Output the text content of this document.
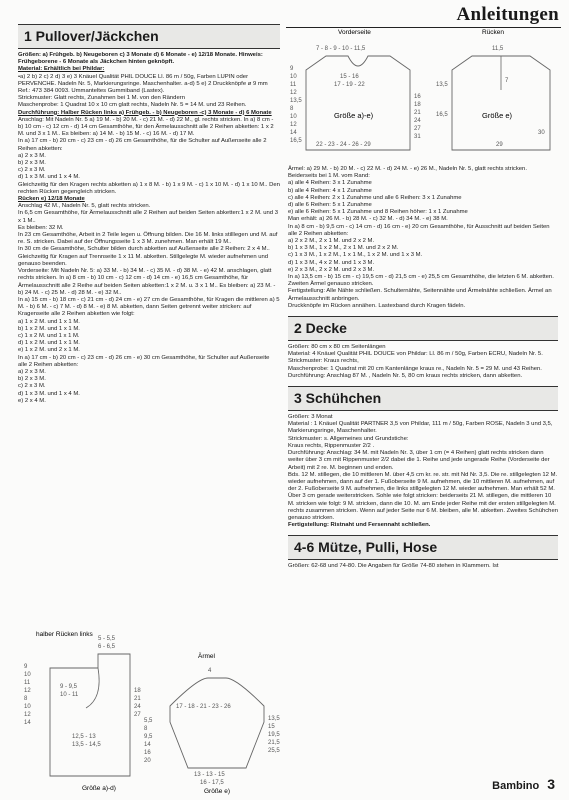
Anleitungen
1 Pullover/Jäckchen
Größen: a) Frühgeb. b) Neugeboren c) 3 Monate d) 6 Monate - e) 12/18 Monate. Hinweis: Frühgeborene - 6 Monate als Jäckchen hinten geknöpft.
Material: Erhältlich bei Phildar:
•a) 2 b) 2 c) 2 d) 3 e) 3 Knäuel Qualität PHIL DOUCE Ll. 86 m / 50g, Farben LUPIN oder PERVENCHE. Nadeln Nr. 5, Markierungsringe. Maschenhalter. a-d) 5 e) 2 Druckknöpfe ø 9 mm Ref.: 473 384 0093. Ummanteltes Gummiband (Lastex).
Strickmuster: Glatt rechts, Zunahmen bei 1 M. von den Rändern
Maschenprobe: 1 Quadrat 10 x 10 cm glatt rechts, Nadeln Nr. 5 = 14 M. und 23 Reihen.
Durchführung: Halber Rücken links a) Frühgeb. - b) Neugeboren -c) 3 Monate - d) 6 Monate
Anschlag: Mit Nadeln Nr. 5 a) 19 M. - b) 20 M. - c) 21 M. - d) 22 M., gl. rechts stricken. In a) 8 cm - b) 10 cm - c) 12 cm - d) 14 cm Gesamthöhe, für den Ärmelausschnitt alle 2 Reihen abketten: 1 x 2 M. und 3 x 1 M.. Es bleiben: a) 14 M. - b) 15 M. - c) 16 M. - d) 17 M.
In a) 17 cm - b) 20 cm - c) 23 cm - d) 26 cm Gesamthöhe, für die Schulter auf Außenseite alle 2 Reihen abketten:
a) 2 x 3 M.
b) 2 x 3 M.
c) 2 x 3 M.
d) 1 x 3 M. und 1 x 4 M.
Gleichzeitig für den Kragen rechts abketten a) 1 x 8 M. - b) 1 x 9 M. - c) 1 x 10 M. - d) 1 x 10 M.. Den rechten Rücken gegengleich stricken.
Rücken e) 12/18 Monate
Anschlag 42 M., Nadeln Nr. 5, glatt rechts stricken.
In 6,5 cm Gesamthöhe, für Ärmelausschnitt alle 2 Reihen auf beiden Seiten abketten:1 x 2 M. und 3 x 1 M..
Es bleiben: 32 M.
In 23 cm Gesamthöhe, Arbeit in 2 Teile legen u. Öffnung bilden. Die 16 M. links stilllegen und M. auf re. S. stricken. Dabei auf der Öffnungsseite 1 x 3 M. zunehmen. Man erhält 19 M..
In 30 cm de Gesamthöhe, Schulter bilden durch abketten auf Außenseite alle 2 Reihen: 2 x 4 M.. Gleichzeitig für Kragen auf Trennseite 1 x 11 M. abketten. Stillgelegte M. wieder aufnehmen und genauso beenden.
Vorderseite: Mit Nadeln Nr. 5: a) 33 M. - b) 34 M. - c) 35 M. - d) 38 M. - e) 42 M. anschlagen, glatt rechts stricken. In a) 8 cm - b) 10 cm - c) 12 cm - d) 14 cm - e) 16,5 cm Gesamthöhe, für Ärmelausschnitt alle 2 Reihe auf beiden Seiten abketten:1 x 2 M. u. 3 x 1 M.. Es bleiben: a) 23 M. - b) 24 M. - c) 25 M. - d) 28 M. - e) 32 M..
In a) 15 cm - b) 18 cm - c) 21 cm - d) 24 cm - e) 27 cm de Gesamthöhe, für Kragen die mittleren a) 5 M. - b) 6 M. - c) 7 M. - d) 8 M. - e) 8 M. abketten, dann Seiten getrennt weiter stricken: auf Kragenseite alle 2 Reihen abketten wie folgt:
a) 1 x 2 M. und 1 x 1 M.
b) 1 x 2 M. und 1 x 1 M.
c) 1 x 2 M. und 1 x 1 M.
d) 1 x 2 M. und 1 x 1 M.
e) 1 x 2 M. und 2 x 1 M.
In a) 17 cm - b) 20 cm - c) 23 cm - d) 26 cm - e) 30 cm Gesamthöhe, für Schulter auf Außenseite alle 2 Reihen abketten:
a) 2 x 3 M.
b) 2 x 3 M.
c) 2 x 3 M.
d) 1 x 3 M. und 1 x 4 M.
e) 2 x 4 M.
halber Rücken links
5 - 5,5
6 - 6,5
9
10
11
12
8
10
12
14
18
21
24
27
9 - 9,5
10 - 11
12,5 - 13
13,5 - 14,5
Größe a)-d)
Ärmel
4
17 - 18 - 21 - 23 - 26
5,5
8
9,5
14
16
20
13,5
15
19,5
21,5
25,5
13 - 13 - 15
16 - 17,5
Größe e)
Vorderseite	Rücken
7 - 8 - 9 - 10 - 11,5	11,5
7
15 - 16
17 - 19 - 22
Größe a)-e)	Größe e)
22 - 23 - 24 - 26 - 29	29
9
10
11
12
13,5
8
10
12
14
16,5
16
18
21
24
27
31
13,5
16,5
30
Ärmel: a) 29 M. - b) 20 M. - c) 22 M. - d) 24 M. - e) 26 M., Nadeln Nr. 5, glatt rechts stricken.
Beiderseits bei 1 M. vom Rand:
a) alle 4 Reihen: 3 x 1 Zunahme
b) alle 4 Reihen: 4 x 1 Zunahme
c) alle 4 Reihen: 2 x 1 Zunahme und alle 6 Reihen: 3 x 1 Zunahme
d) alle 6 Reihen: 5 x 1 Zunahme
e) alle 6 Reihen: 5 x 1 Zunahme und 8 Reihen höher: 1 x 1 Zunahme
Man erhält: a) 26 M. - b) 28 M. - c) 32 M. - d) 34 M. - e) 38 M.
In a) 8 cm - b) 9,5 cm - c) 14 cm - d) 16 cm - e) 20 cm Gesamthöhe, für Ausschnitt auf beiden Seiten alle 2 Reihen abketten:
a) 2 x 2 M., 2 x 1 M. und 2 x 2 M.
b) 1 x 3 M., 1 x 2 M., 2 x 1 M. und 2 x 2 M.
c) 1 x 3 M., 1 x 2 M., 1 x 1 M., 1 x 2 M. und 1 x 3 M.
d) 1 x 3 M., 4 x 2 M. und 1 x 3 M.
e) 2 x 3 M., 2 x 2 M. und 2 x 3 M.
In a) 13,5 cm - b) 15 cm - c) 19,5 cm - d) 21,5 cm - e) 25,5 cm Gesamthöhe, die letzten 6 M. abketten. Zweiten Ärmel genauso stricken.
Fertigstellung: Alle Nähte schließen. Schulternähte, Seitennähte und Ärmelnähte schließen. Ärmel an Ärmelausschnitt anbringen.
Druckknöpfe im Rücken annähen. Lastexband durch Kragen fädeln.
2 Decke
Größen: 80 cm x 80 cm Seitenlängen
Material: 4 Knäuel Qualität PHIL DOUCE von Phildar: Ll. 86 m / 50g, Farben ECRU, Nadeln Nr. 5.
Strickmuster: Kraus rechts,
Maschenprobe: 1 Quadrat mit 20 cm Kantenlänge kraus re., Nadeln Nr. 5 = 29 M. und 43 Reihen.
Durchführung: Anschlag 87 M. , Nadeln Nr. 5, 80 cm kraus rechts stricken, dann abketten.
3 Schühchen
Größen: 3 Monat
Material : 1 Knäuel Qualität PARTNER 3,5 von Phildar, 111 m / 50g, Farben ROSE, Nadeln 3 und 3,5, Markierungsringe, Maschenhalter.
Strickmuster: s. Allgemeines und Grundstiche:
Kraus rechts, Rippenmuster 2/2 .
Durchführung: Anschlag: 34 M. mit Nadeln Nr. 3, über 1 cm (= 4 Reihen) glatt rechts stricken dann weiter über 3 cm mit Rippenmuster 2/2 dabei die 1. Reihe und jede ungerade Reihe (Vorderseite der Arbeit) mit 2 re. M. beginnen und enden.
Bds. 12 M. stillegen, die 10 mittleren M. über 4,5 cm kr. re. str. mit Nd Nr. 3,5. Die re. stillgelegten 12 M. wieder aufnehmen, dann auf der 1. Fußoberseite 9 M. aufnehmen, die 10 mittleren M. aufnehmen, auf der 2. Fußoberseite 9 M. aufnehmen, die links stillgelegten 12 M. wieder aufnehmen. Man erhält 52 M.
Über 3 cm gerade weiterstricken. Sohle wie folgt stricken: beiderseits 21 M. stillegen, die mittleren 10 M. stricken wie folgt: 9 M. stricken, dann die 10. M. am Ende jeder Reihe mit der ersten stillgelegten M. rechts zusammen stricken. Wenn auf jeder Seite nur 6 M. bleiben, alle M. abketten. Zweites Schühchen genauso stricken.
Fertigstellung: Ristnaht und Fersennaht schließen.
4-6 Mütze, Pulli, Hose
Größen: 62-68 und 74-80. Die Angaben für Größe 74-80 stehen in Klammern. Ist
Bambino 3
